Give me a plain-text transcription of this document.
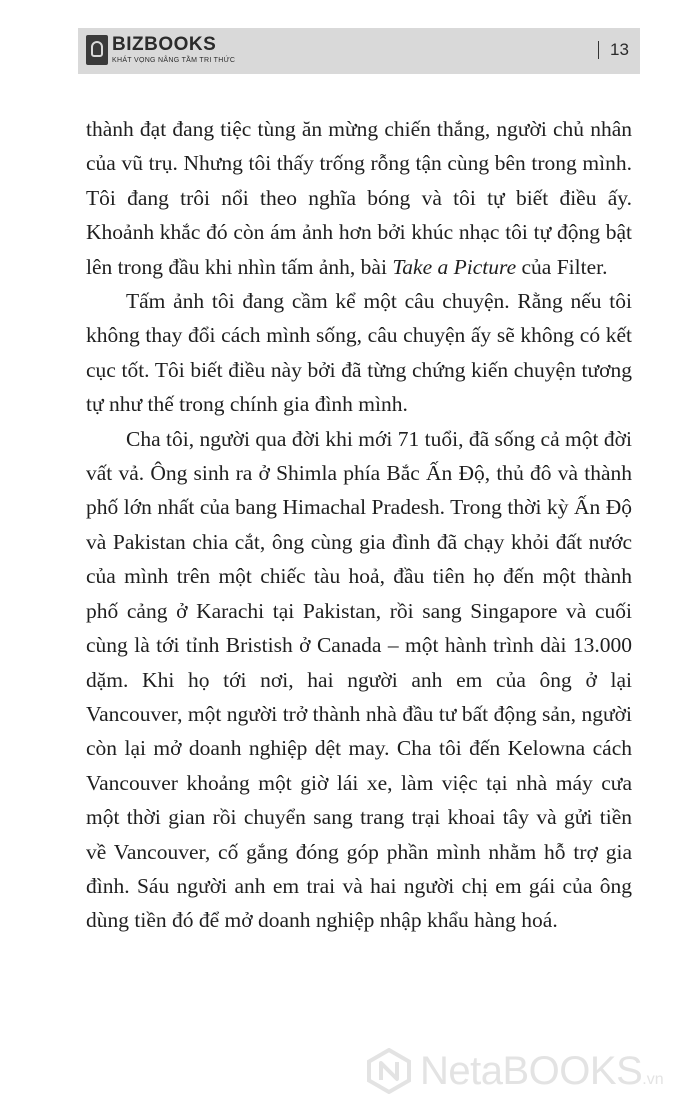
BIZBOOKS
KHÁT VỌNG NÂNG TẦM TRI THỨC
13

thành đạt đang tiệc tùng ăn mừng chiến thắng, người chủ nhân của vũ trụ. Nhưng tôi thấy trống rỗng tận cùng bên trong mình. Tôi đang trôi nổi theo nghĩa bóng và tôi tự biết điều ấy. Khoảnh khắc đó còn ám ảnh hơn bởi khúc nhạc tôi tự động bật lên trong đầu khi nhìn tấm ảnh, bài Take a Picture của Filter.

Tấm ảnh tôi đang cầm kể một câu chuyện. Rằng nếu tôi không thay đổi cách mình sống, câu chuyện ấy sẽ không có kết cục tốt. Tôi biết điều này bởi đã từng chứng kiến chuyện tương tự như thế trong chính gia đình mình.

Cha tôi, người qua đời khi mới 71 tuổi, đã sống cả một đời vất vả. Ông sinh ra ở Shimla phía Bắc Ấn Độ, thủ đô và thành phố lớn nhất của bang Himachal Pradesh. Trong thời kỳ Ấn Độ và Pakistan chia cắt, ông cùng gia đình đã chạy khỏi đất nước của mình trên một chiếc tàu hoả, đầu tiên họ đến một thành phố cảng ở Karachi tại Pakistan, rồi sang Singapore và cuối cùng là tới tỉnh Bristish ở Canada – một hành trình dài 13.000 dặm. Khi họ tới nơi, hai người anh em của ông ở lại Vancouver, một người trở thành nhà đầu tư bất động sản, người còn lại mở doanh nghiệp dệt may. Cha tôi đến Kelowna cách Vancouver khoảng một giờ lái xe, làm việc tại nhà máy cưa một thời gian rồi chuyển sang trang trại khoai tây và gửi tiền về Vancouver, cố gắng đóng góp phần mình nhằm hỗ trợ gia đình. Sáu người anh em trai và hai người chị em gái của ông dùng tiền đó để mở doanh nghiệp nhập khẩu hàng hoá.

NetaBOOKS.vn
